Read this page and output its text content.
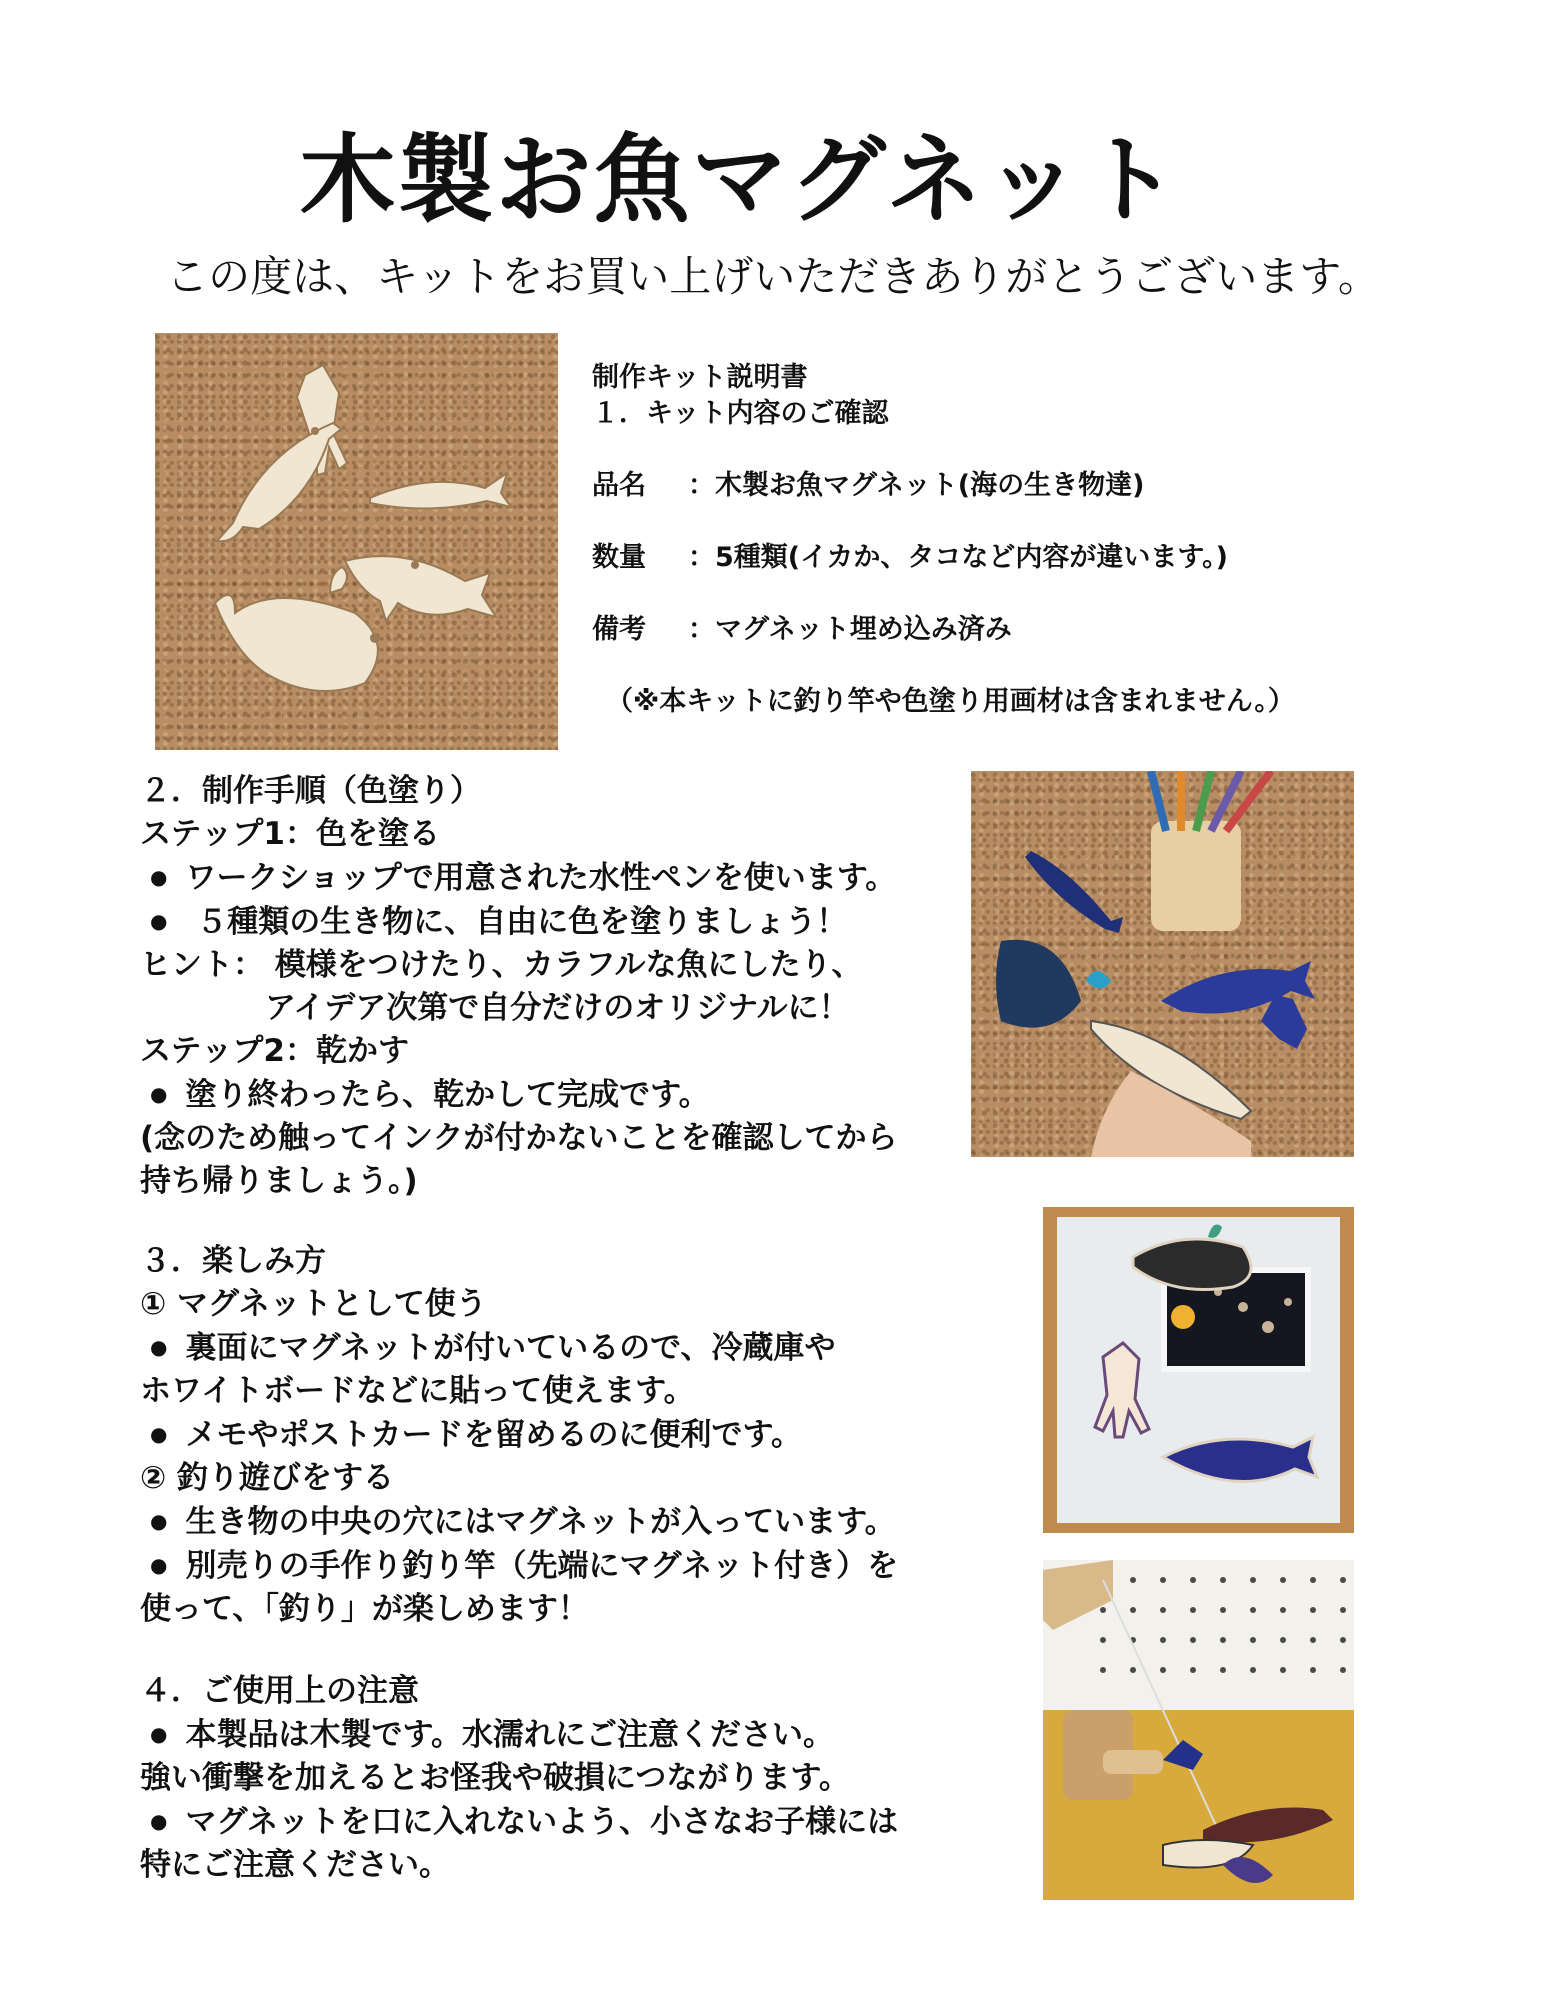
木製お魚マグネット
この度は、キットをお買い上げいただきありがとうございます。
制作キット説明書
１．キット内容のご確認
品名	：木製お魚マグネット(海の生き物達)
数量	：5種類(イカか、タコなど内容が違います。)
備考	：マグネット埋め込み済み
（※本キットに釣り竿や色塗り用画材は含まれません。）
２．制作手順（色塗り）
ステップ1：色を塗る
● ワークショップで用意された水性ペンを使います。
● ５種類の生き物に、自由に色を塗りましょう！
ヒント： 模様をつけたり、カラフルな魚にしたり、
アイデア次第で自分だけのオリジナルに！
ステップ2：乾かす
● 塗り終わったら、乾かして完成です。
(念のため触ってインクが付かないことを確認してから
持ち帰りましょう。)
３．楽しみ方
① マグネットとして使う
● 裏面にマグネットが付いているので、冷蔵庫や
ホワイトボードなどに貼って使えます。
● メモやポストカードを留めるのに便利です。
② 釣り遊びをする
● 生き物の中央の穴にはマグネットが入っています。
● 別売りの手作り釣り竿（先端にマグネット付き）を
使って、「釣り」が楽しめます！
４．ご使用上の注意
● 本製品は木製です。水濡れにご注意ください。
強い衝撃を加えるとお怪我や破損につながります。
● マグネットを口に入れないよう、小さなお子様には
特にご注意ください。
